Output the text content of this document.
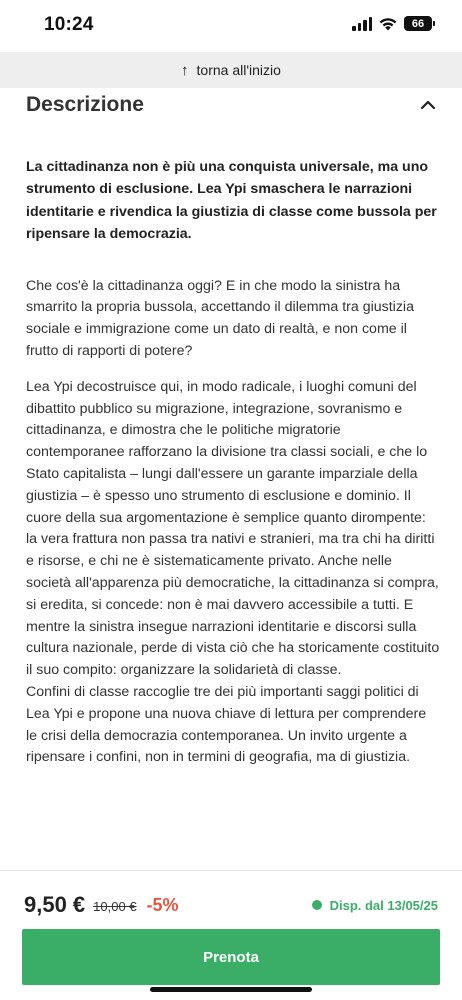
10:24	66
↑ torna all'inizio
Descrizione

La cittadinanza non è più una conquista universale, ma uno strumento di esclusione. Lea Ypi smaschera le narrazioni identitarie e rivendica la giustizia di classe come bussola per ripensare la democrazia.

Che cos'è la cittadinanza oggi? E in che modo la sinistra ha smarrito la propria bussola, accettando il dilemma tra giustizia sociale e immigrazione come un dato di realtà, e non come il frutto di rapporti di potere?

Lea Ypi decostruisce qui, in modo radicale, i luoghi comuni del dibattito pubblico su migrazione, integrazione, sovranismo e cittadinanza, e dimostra che le politiche migratorie contemporanee rafforzano la divisione tra classi sociali, e che lo Stato capitalista – lungi dall'essere un garante imparziale della giustizia – è spesso uno strumento di esclusione e dominio. Il cuore della sua argomentazione è semplice quanto dirompente: la vera frattura non passa tra nativi e stranieri, ma tra chi ha diritti e risorse, e chi ne è sistematicamente privato. Anche nelle società all'apparenza più democratiche, la cittadinanza si compra, si eredita, si concede: non è mai davvero accessibile a tutti. E mentre la sinistra insegue narrazioni identitarie e discorsi sulla cultura nazionale, perde di vista ciò che ha storicamente costituito il suo compito: organizzare la solidarietà di classe.

Confini di classe raccoglie tre dei più importanti saggi politici di Lea Ypi e propone una nuova chiave di lettura per comprendere le crisi della democrazia contemporanea. Un invito urgente a ripensare i confini, non in termini di geografia, ma di giustizia.

9,50 € 10,00 € -5%	Disp. dal 13/05/25
Prenota
